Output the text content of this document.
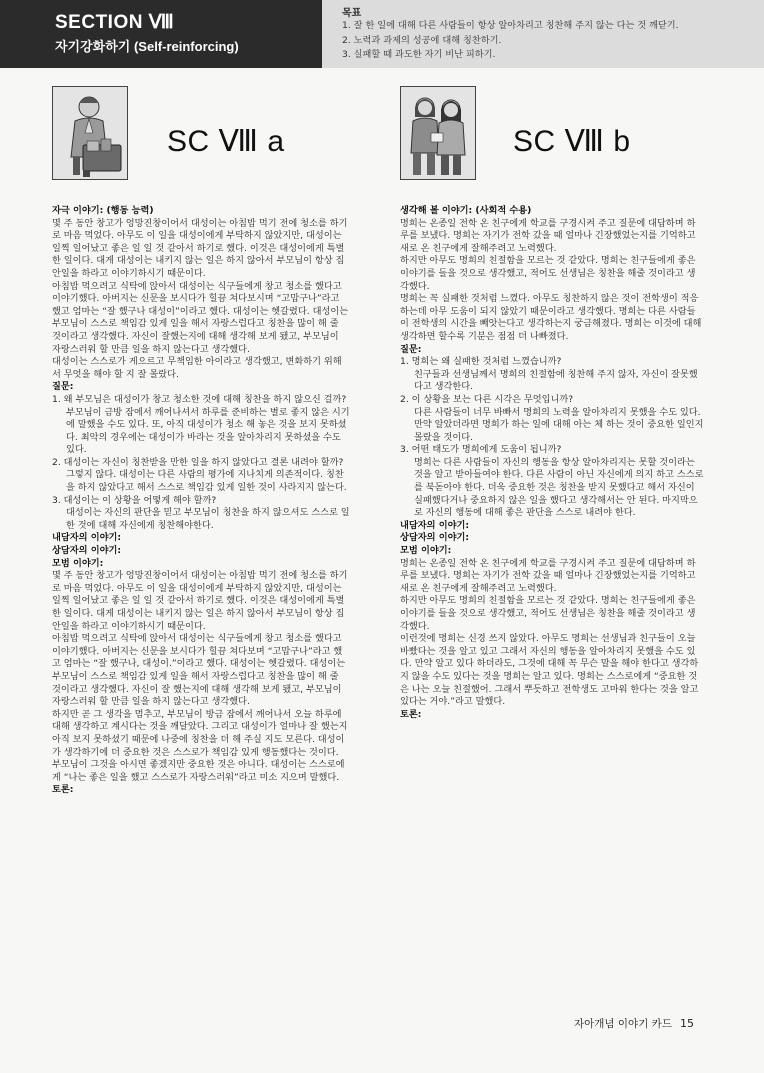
SECTION Ⅷ
자기강화하기 (Self-reinforcing)
목표
1. 잘 한 일에 대해 다른 사람들이 항상 알아차리고 칭찬해 주지 않는 다는 것 깨닫기.
2. 노력과 과제의 성공에 대해 칭찬하기.
3. 실패할 때 과도한 자기 비난 피하기.
SC Ⅷ a	SC Ⅷ b

자극 이야기: (행동 능력)

몇 주 동안 창고가 엉망진창이어서 대성이는 아침밥 먹기 전에 청소를 하기로 마음 먹었다. 아무도 이 일을 대성이에게 부탁하지 않았지만, 대성이는 일찍 일어났고 좋은 일 일 것 같아서 하기로 했다. 이것은 대성이에게 특별한 일이다. 대게 대성이는 내키지 않는 일은 하지 않아서 부모님이 항상 집안일을 하라고 이야기하시기 때문이다.

아침밥 먹으려고 식탁에 앉아서 대성이는 식구들에게 창고 청소를 했다고 이야기했다. 아버지는 신문을 보시다가 힐끔 쳐다보시며 “고맙구나”라고 했고 엄마는 “잘 했구나 대성이”이라고 했다. 대성이는 헷갈렸다. 대성이는 부모님이 스스로 책임감 있게 일을 해서 자랑스럽다고 칭찬을 많이 해 줄 것이라고 생각했다. 자신이 잘했는지에 대해 생각해 보게 됐고, 부모님이 자랑스러워 할 만큼 일을 하지 않는다고 생각했다.

대성이는 스스로가 게으르고 무책임한 아이라고 생각했고, 변화하기 위해서 무엇을 해야 할 지 잘 몰랐다.

질문:

1. 왜 부모님은 대성이가 창고 청소한 것에 대해 칭찬을 하지 않으신 걸까?

부모님이 금방 잠에서 깨어나셔서 하루를 준비하는 별로 좋지 않은 시기에 말했을 수도 있다. 또, 아직 대성이가 청소 해 놓은 것을 보지 못하셨다. 최악의 경우에는 대성이가 바라는 것을 알아차리지 못하셨을 수도 있다.

2. 대성이는 자신이 칭찬받을 만한 일을 하지 않았다고 결론 내려야 할까?

그렇지 않다. 대성이는 다른 사람의 평가에 지나치게 의존적이다. 칭찬을 하지 않았다고 해서 스스로 책임감 있게 일한 것이 사라지지 않는다.

3. 대성이는 이 상황을 어떻게 해야 할까?

대성이는 자신의 판단을 믿고 부모님이 칭찬을 하지 않으셔도 스스로 일 한 것에 대해 자신에게 칭찬해야한다.

내담자의 이야기:

상담자의 이야기:

모범 이야기:

몇 주 동안 창고가 엉망진창이어서 대성이는 아침밥 먹기 전에 청소를 하기로 마음 먹었다. 아무도 이 일을 대성이에게 부탁하지 않았지만, 대성이는 일찍 일어났고 좋은 일 일 것 같아서 하기로 했다. 이것은 대성이에게 특별한 일이다. 대게 대성이는 내키지 않는 일은 하지 않아서 부모님이 항상 집안일을 하라고 이야기하시기 때문이다.

아침밥 먹으려고 식탁에 앉아서 대성이는 식구들에게 창고 청소를 했다고 이야기했다. 아버지는 신문을 보시다가 힐끔 쳐다보며 “고맙구나”라고 했고 엄마는 “잘 했구나, 대성이.”이라고 했다. 대성이는 헷갈렸다. 대성이는 부모님이 스스로 책임감 있게 일을 해서 자랑스럽다고 칭찬을 많이 해 줄 것이라고 생각했다. 자신이 잘 했는지에 대해 생각해 보게 됐고, 부모님이 자랑스러워 할 만큼 일을 하지 않는다고 생각했다.

하지만 곧 그 생각을 멈추고, 부모님이 방금 잠에서 깨어나서 오늘 하루에 대해 생각하고 계시다는 것을 깨달았다. 그리고 대성이가 얼마나 잘 했는지 아직 보지 못하셨기 때문에 나중에 칭찬을 더 해 주실 지도 모른다. 대성이가 생각하기에 더 중요한 것은 스스로가 책임감 있게 행동했다는 것이다. 부모님이 그것을 아시면 좋겠지만 중요한 것은 아니다. 대성이는 스스로에게 “나는 좋은 일을 했고 스스로가 자랑스러워”라고 미소 지으며 말했다.

토론:

생각해 볼 이야기: (사회적 수용)

명희는 온종일 전학 온 친구에게 학교를 구경시켜 주고 질문에 대답하며 하루를 보냈다. 명희는 자기가 전학 갔을 때 얼마나 긴장했었는지를 기억하고 새로 온 친구에게 잘해주려고 노력했다.

하지만 아무도 명희의 친절함을 모르는 것 같았다. 명희는 친구들에게 좋은 이야기를 들을 것으로 생각했고, 적어도 선생님은 칭찬을 해줄 것이라고 생각했다.

명희는 꼭 실패한 것처럼 느꼈다. 아무도 칭찬하지 않은 것이 전학생이 적응하는데 아무 도움이 되지 않았기 때문이라고 생각했다. 명희는 다른 사람들이 전학생의 시간을 빼앗는다고 생각하는지 궁금해졌다. 명희는 이것에 대해 생각하면 할수록 기분은 점점 더 나빠졌다.

질문:

1. 명희는 왜 실패한 것처럼 느꼈습니까?

친구들과 선생님께서 명희의 친절함에 칭찬해 주지 않자, 자신이 잘못했다고 생각한다.

2. 이 상황을 보는 다른 시각은 무엇입니까?

다른 사람들이 너무 바빠서 명희의 노력을 알아차리지 못했을 수도 있다. 만약 알았더라면 명희가 하는 일에 대해 아는 체 하는 것이 중요한 일인지 몰랐을 것이다.

3. 어떤 태도가 명희에게 도움이 됩니까?

명희는 다른 사람들이 자신의 행동을 항상 알아차리지는 못할 것이라는 것을 알고 받아들여야 한다. 다른 사람이 아닌 자신에게 의지 하고 스스로를 북돋아야 한다. 더욱 중요한 것은 칭찬을 받지 못했다고 해서 자신이 실패했다거나 중요하지 않은 일을 했다고 생각해서는 안 된다. 마지막으로 자신의 행동에 대해 좋은 판단을 스스로 내려야 한다.

내담자의 이야기:

상담자의 이야기:

모범 이야기:

명희는 온종일 전학 온 친구에게 학교를 구경시켜 주고 질문에 대답하며 하루를 보냈다. 명희는 자기가 전학 갔을 때 얼마나 긴장했었는지를 기억하고 새로 온 친구에게 잘해주려고 노력했다.

하지만 아무도 명희의 친절함을 모르는 것 같았다. 명희는 친구들에게 좋은 이야기를 들을 것으로 생각했고, 적어도 선생님은 칭찬을 해줄 것이라고 생각했다.

이런것에 명희는 신경 쓰지 않았다. 아무도 명희는 선생님과 친구들이 오늘 바빴다는 것을 알고 있고 그래서 자신의 행동을 알아차리지 못했을 수도 있다. 만약 알고 있다 하더라도, 그것에 대해 꼭 무슨 말을 해야 한다고 생각하지 않을 수도 있다는 것을 명희는 알고 있다. 명희는 스스로에게 “중요한 것은 나는 오늘 친절했어. 그래서 뿌듯하고 전학생도 고마워 한다는 것을 알고 있다는 거야.”라고 말했다.

토론:

자아개념 이야기 카드 15
